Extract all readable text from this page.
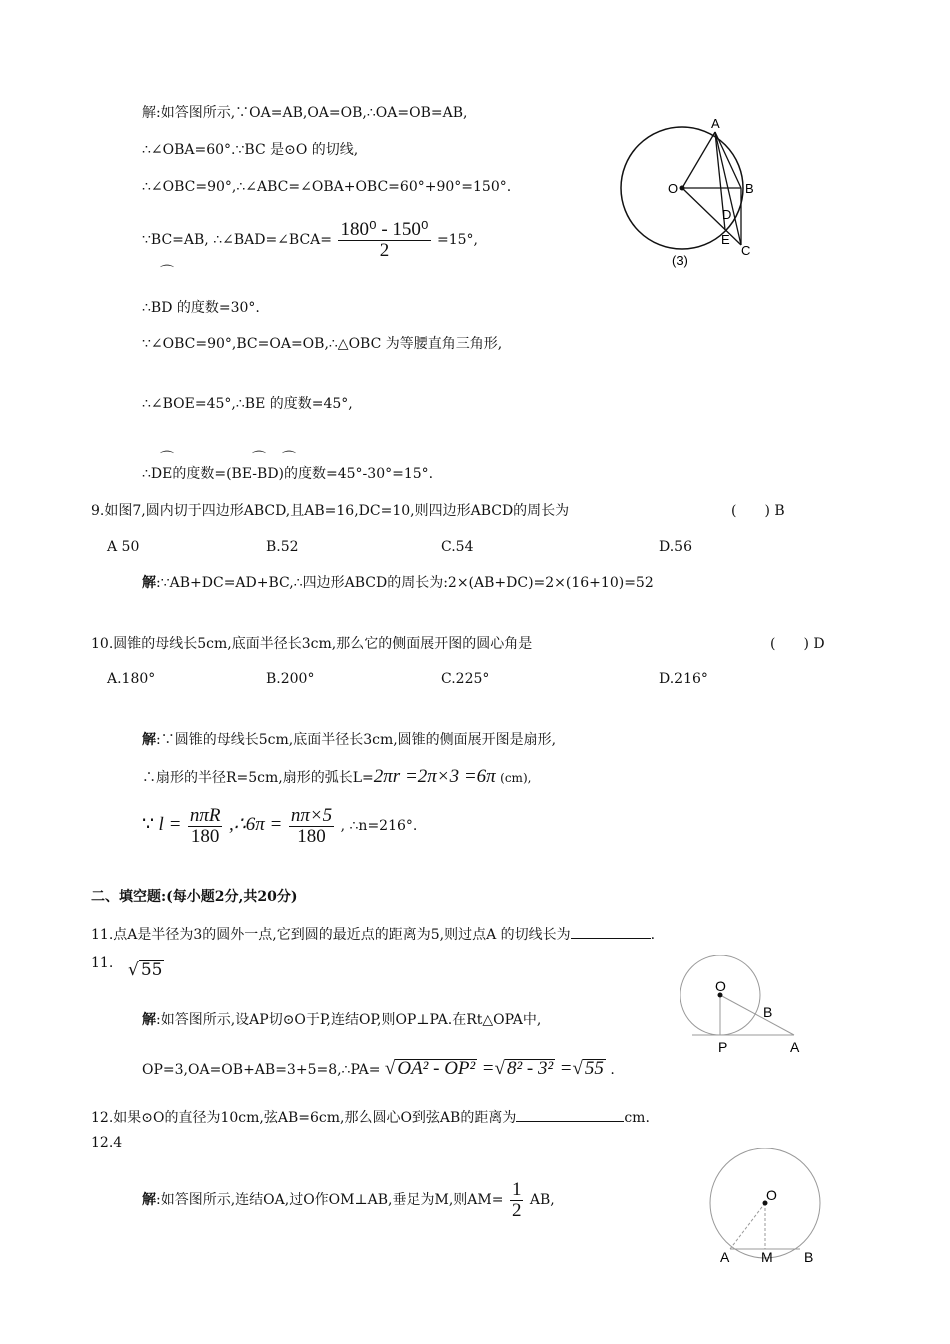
解:如答图所示,∵OA=AB,OA=OB,∴OA=OB=AB,
∴∠OBA=60°.∵BC 是⊙O 的切线,
∴∠OBC=90°,∴∠ABC=∠OBA+OBC=60°+90°=150°.
∵BC=AB, ∴∠BAD=∠BCA= $\frac{\text{180⁰ - 150⁰}}{2} =15^\circ$,
⌒
∴BD 的度数=30°.
∵∠OBC=90°,BC=OA=OB,∴△OBC 为等腰直角三角形,
∴∠BOE=45°,∴BE 的度数=45°,
⌒	⌒ ⌒
∴DE的度数=(BE-BD)的度数=45°-30°=15°.
A
O	B
D
E
C
(3)
9.如图7,圆内切于四边形ABCD,且AB=16,DC=10,则四边形ABCD的周长为	(　　) B
A 50	B.52	C.54	D.56
解:∵AB+DC=AD+BC,∴四边形ABCD的周长为:2×(AB+DC)=2×(16+10)=52
10.圆锥的母线长5cm,底面半径长3cm,那么它的侧面展开图的圆心角是	(　　) D
A.180°	B.200°	C.225°	D.216°
解:∵圆锥的母线长5cm,底面半径长3cm,圆锥的侧面展开图是扇形,
∴扇形的半径R=5cm,扇形的弧长L=2πr =2π×3 =6π (cm),
∵ $l = \frac{\text{nπR}}{180}$ ,∴6π = $\frac{n\pi\times 5}{180}$ , ∴n=216°.
二、填空题:(每小题2分,共20分)
11.点A是半径为3的圆外一点,它到圆的最近点的距离为5,则过点A 的切线长为	.
11. √ 55
解:如答图所示,设AP切⊙O于P,连结OP,则OP⊥PA.在Rt△OPA中,
OP=3,OA=OB+AB=3+5=8,∴PA= √ OA² - OP² =√ 8² - 3² =√ 55 .
O
B
P	A
12.如果⊙O的直径为10cm,弦AB=6cm,那么圆心O到弦AB的距离为	cm.
12.4
解:如答图所示,连结OA,过O作OM⊥AB,垂足为M,则$AM= \frac{1}{2}$ AB,	O
A M B
